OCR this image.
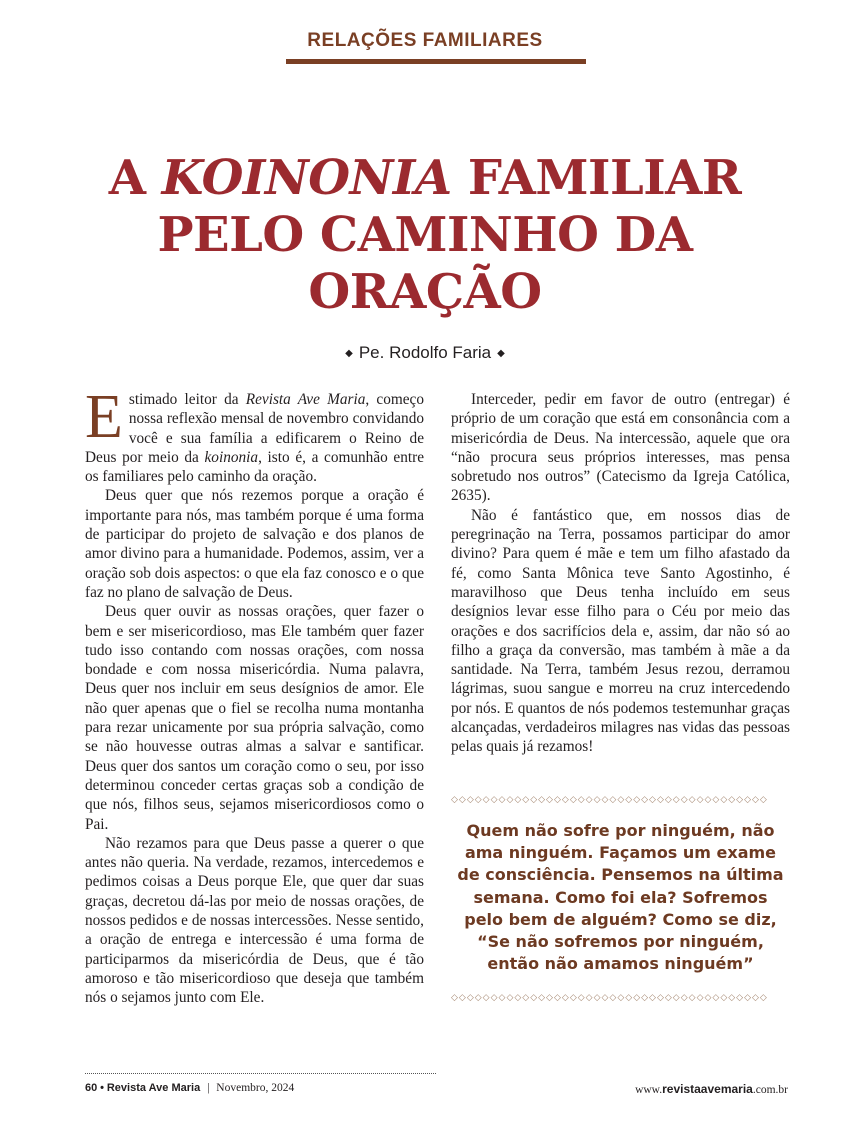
RELAÇÕES FAMILIARES
A KOINONIA FAMILIAR
PELO CAMINHO DA
ORAÇÃO
◆ Pe. Rodolfo Faria ◆

Estimado leitor da Revista Ave Maria, começo nossa reflexão mensal de novembro convidando você e sua família a edificarem o Reino de Deus por meio da koinonia, isto é, a comunhão entre os familiares pelo caminho da oração.

Deus quer que nós rezemos porque a oração é importante para nós, mas também porque é uma forma de participar do projeto de salvação e dos planos de amor divino para a humanidade. Podemos, assim, ver a oração sob dois aspectos: o que ela faz conosco e o que faz no plano de salvação de Deus.

Deus quer ouvir as nossas orações, quer fazer o bem e ser misericordioso, mas Ele também quer fazer tudo isso contando com nossas orações, com nossa bondade e com nossa misericórdia. Numa palavra, Deus quer nos incluir em seus desígnios de amor. Ele não quer apenas que o fiel se recolha numa montanha para rezar unicamente por sua própria salvação, como se não houvesse outras almas a salvar e santificar. Deus quer dos santos um coração como o seu, por isso determinou conceder certas graças sob a condição de que nós, filhos seus, sejamos misericordiosos como o Pai.

Não rezamos para que Deus passe a querer o que antes não queria. Na verdade, rezamos, intercedemos e pedimos coisas a Deus porque Ele, que quer dar suas graças, decretou dá-las por meio de nossas orações, de nossos pedidos e de nossas intercessões. Nesse sentido, a oração de entrega e intercessão é uma forma de participarmos da misericórdia de Deus, que é tão amoroso e tão misericordioso que deseja que também nós o sejamos junto com Ele.

Interceder, pedir em favor de outro (entregar) é próprio de um coração que está em consonância com a misericórdia de Deus. Na intercessão, aquele que ora “não procura seus próprios interesses, mas pensa sobretudo nos outros” (Catecismo da Igreja Católica, 2635).

Não é fantástico que, em nossos dias de peregrinação na Terra, possamos participar do amor divino? Para quem é mãe e tem um filho afastado da fé, como Santa Mônica teve Santo Agostinho, é maravilhoso que Deus tenha incluído em seus desígnios levar esse filho para o Céu por meio das orações e dos sacrifícios dela e, assim, dar não só ao filho a graça da conversão, mas também à mãe a da santidade. Na Terra, também Jesus rezou, derramou lágrimas, suou sangue e morreu na cruz intercedendo por nós. E quantos de nós podemos testemunhar graças alcançadas, verdadeiros milagres nas vidas das pessoas pelas quais já rezamos!

◇◇◇◇◇◇◇◇◇◇◇◇◇◇◇◇◇◇◇◇◇◇◇◇◇◇◇◇◇◇◇◇◇◇◇◇◇◇◇◇
Quem não sofre por ninguém, não
ama ninguém. Façamos um exame
de consciência. Pensemos na última
semana. Como foi ela? Sofremos
pelo bem de alguém? Como se diz,
“Se não sofremos por ninguém,
então não amamos ninguém”
◇◇◇◇◇◇◇◇◇◇◇◇◇◇◇◇◇◇◇◇◇◇◇◇◇◇◇◇◇◇◇◇◇◇◇◇◇◇◇◇
60 • Revista Ave Maria | Novembro, 2024	www.revistaavemaria.com.br
